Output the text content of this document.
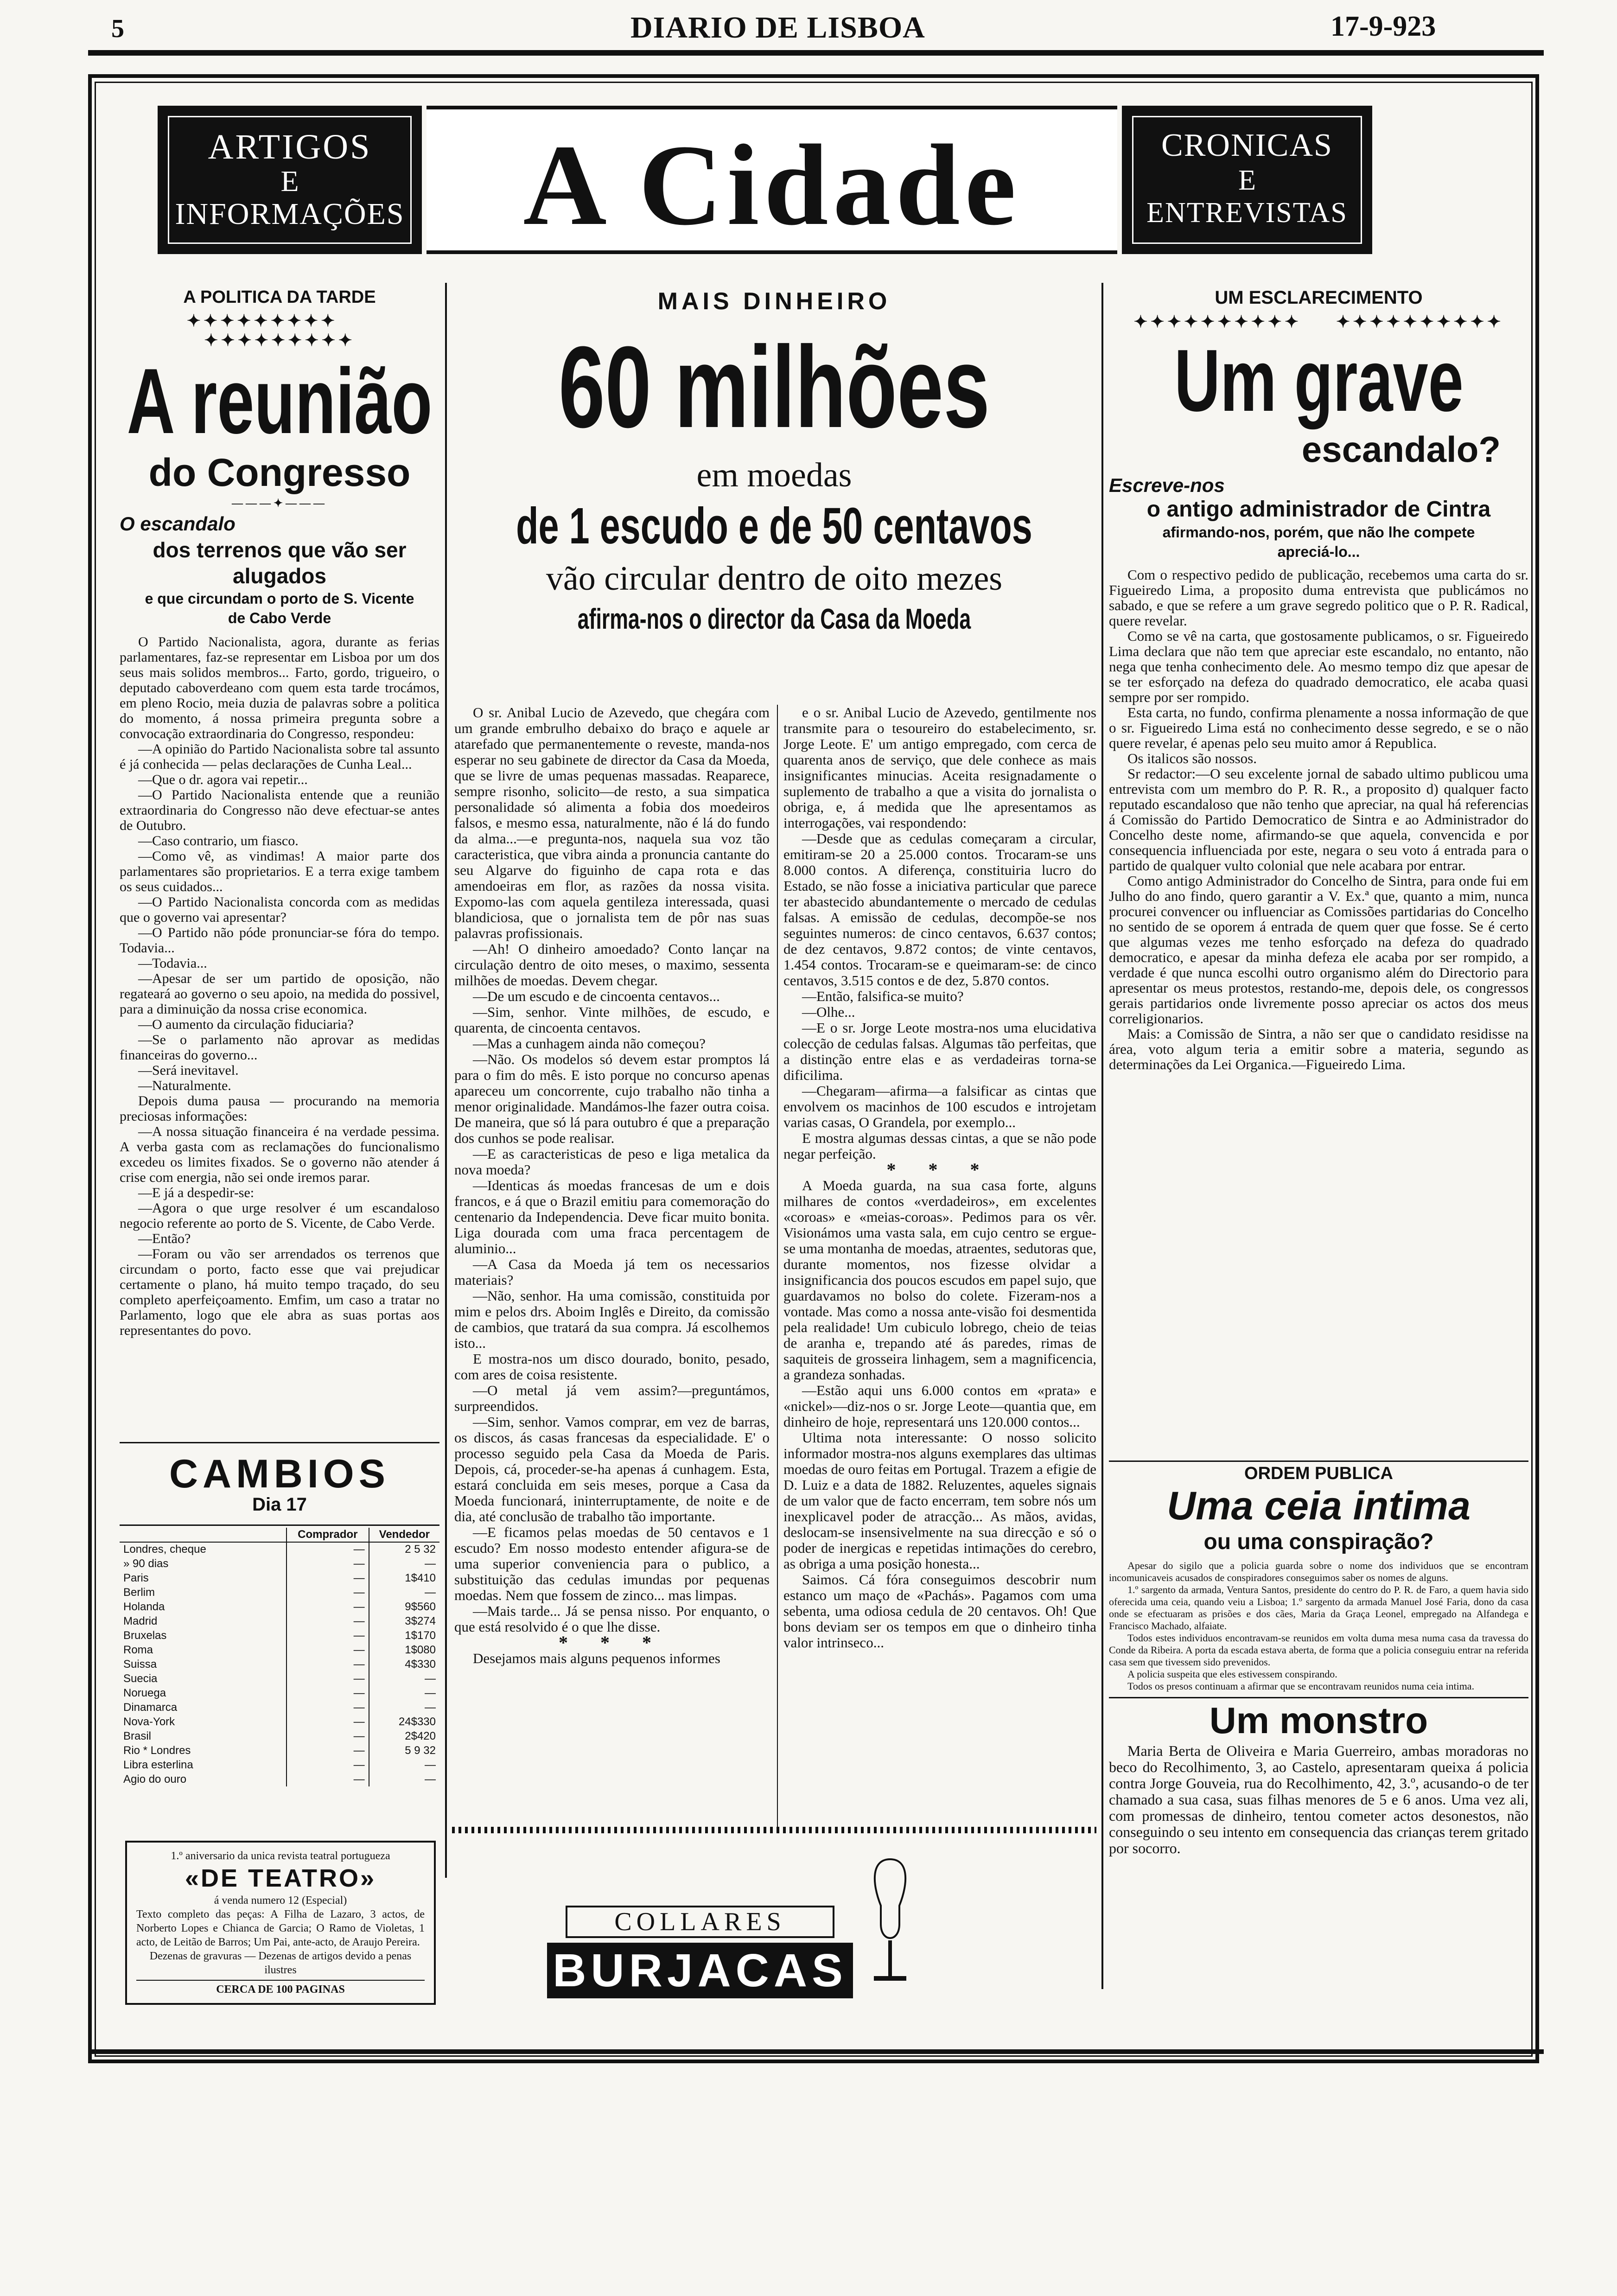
5	DIARIO DE LISBOA	17-9-923
ARTIGOS
E
INFORMAÇÕES	A Cidade	CRONICAS
E
ENTREVISTAS
A POLITICA DA TARDE
✦✦✦✦✦✦✦✦✦      ✦✦✦✦✦✦✦✦✦
A reunião
do Congresso
———✦———
O escandalo
dos terrenos que vão ser alugados
e que circundam o porto de S. Vicente
de Cabo Verde

O Partido Nacionalista, agora, durante as ferias parlamentares, faz-se representar em Lisboa por um dos seus mais solidos membros... Farto, gordo, trigueiro, o deputado caboverdeano com quem esta tarde trocámos, em pleno Rocio, meia duzia de palavras sobre a politica do momento, á nossa primeira pregunta sobre a convocação extraordinaria do Congresso, respondeu:

—A opinião do Partido Nacionalista sobre tal assunto é já conhecida — pelas declarações de Cunha Leal...

—Que o dr. agora vai repetir...

—O Partido Nacionalista entende que a reunião extraordinaria do Congresso não deve efectuar-se antes de Outubro.

—Caso contrario, um fiasco.

—Como vê, as vindimas! A maior parte dos parlamentares são proprietarios. E a terra exige tambem os seus cuidados...

—O Partido Nacionalista concorda com as medidas que o governo vai apresentar?

—O Partido não póde pronunciar-se fóra do tempo. Todavia...

—Todavia...

—Apesar de ser um partido de oposição, não regateará ao governo o seu apoio, na medida do possivel, para a diminuição da nossa crise economica.

—O aumento da circulação fiduciaria?

—Se o parlamento não aprovar as medidas financeiras do governo...

—Será inevitavel.

—Naturalmente.

Depois duma pausa — procurando na memoria preciosas informações:

—A nossa situação financeira é na verdade pessima. A verba gasta com as reclamações do funcionalismo excedeu os limites fixados. Se o governo não atender á crise com energia, não sei onde iremos parar.

—E já a despedir-se:

—Agora o que urge resolver é um escandaloso negocio referente ao porto de S. Vicente, de Cabo Verde.

—Então?

—Foram ou vão ser arrendados os terrenos que circundam o porto, facto esse que vai prejudicar certamente o plano, há muito tempo traçado, do seu completo aperfeiçoamento. Emfim, um caso a tratar no Parlamento, logo que ele abra as suas portas aos representantes do povo.

CAMBIOS
Dia 17
	Comprador	Vendedor
Londres, cheque	—	2 5 32
» 90 dias	—	—
Paris	—	1$410
Berlim	—	—
Holanda	—	9$560
Madrid	—	3$274
Bruxelas	—	1$170
Roma	—	1$080
Suissa	—	4$330
Suecia	—	—
Noruega	—	—
Dinamarca	—	—
Nova-York	—	24$330
Brasil	—	2$420
Rio * Londres	—	5 9 32
Libra esterlina	—	—
Agio do ouro	—	—
1.º aniversario da unica revista teatral portugueza
«DE TEATRO»
á venda numero 12 (Especial)
Texto completo das peças: A Filha de Lazaro, 3 actos, de Norberto Lopes e Chianca de Garcia; O Ramo de Violetas, 1 acto, de Leitão de Barros; Um Pai, ante-acto, de Araujo Pereira.
Dezenas de gravuras — Dezenas de artigos devido a penas ilustres
CERCA DE 100 PAGINAS
MAIS DINHEIRO
60 milhões
em moedas
de 1 escudo e de 50 centavos
vão circular dentro de oito mezes
afirma-nos o director da Casa da Moeda

O sr. Anibal Lucio de Azevedo, que chegára com um grande embrulho debaixo do braço e aquele ar atarefado que permanentemente o reveste, manda-nos esperar no seu gabinete de director da Casa da Moeda, que se livre de umas pequenas massadas. Reaparece, sempre risonho, solicito—de resto, a sua simpatica personalidade só alimenta a fobia dos moedeiros falsos, e mesmo essa, naturalmente, não é lá do fundo da alma...—e pregunta-nos, naquela sua voz tão caracteristica, que vibra ainda a pronuncia cantante do seu Algarve do figuinho de capa rota e das amendoeiras em flor, as razões da nossa visita. Expomo-las com aquela gentileza interessada, quasi blandiciosa, que o jornalista tem de pôr nas suas palavras profissionais.

—Ah! O dinheiro amoedado? Conto lançar na circulação dentro de oito meses, o maximo, sessenta milhões de moedas. Devem chegar.

—De um escudo e de cincoenta centavos...

—Sim, senhor. Vinte milhões, de escudo, e quarenta, de cincoenta centavos.

—Mas a cunhagem ainda não começou?

—Não. Os modelos só devem estar promptos lá para o fim do mês. E isto porque no concurso apenas apareceu um concorrente, cujo trabalho não tinha a menor originalidade. Mandámos-lhe fazer outra coisa. De maneira, que só lá para outubro é que a preparação dos cunhos se pode realisar.

—E as caracteristicas de peso e liga metalica da nova moeda?

—Identicas ás moedas francesas de um e dois francos, e á que o Brazil emitiu para comemoração do centenario da Independencia. Deve ficar muito bonita. Liga dourada com uma fraca percentagem de aluminio...

—A Casa da Moeda já tem os necessarios materiais?

—Não, senhor. Ha uma comissão, constituida por mim e pelos drs. Aboim Inglês e Direito, da comissão de cambios, que tratará da sua compra. Já escolhemos isto...

E mostra-nos um disco dourado, bonito, pesado, com ares de coisa resistente.

—O metal já vem assim?—preguntámos, surpreendidos.

—Sim, senhor. Vamos comprar, em vez de barras, os discos, ás casas francesas da especialidade. E' o processo seguido pela Casa da Moeda de Paris. Depois, cá, proceder-se-ha apenas á cunhagem. Esta, estará concluida em seis meses, porque a Casa da Moeda funcionará, ininterruptamente, de noite e de dia, até conclusão de trabalho tão importante.

—E ficamos pelas moedas de 50 centavos e 1 escudo? Em nosso modesto entender afigura-se de uma superior conveniencia para o publico, a substituição das cedulas imundas por pequenas moedas. Nem que fossem de zinco... mas limpas.

—Mais tarde... Já se pensa nisso. Por enquanto, o que está resolvido é o que lhe disse.

* * *

Desejamos mais alguns pequenos informes

e o sr. Anibal Lucio de Azevedo, gentilmente nos transmite para o tesoureiro do estabelecimento, sr. Jorge Leote. E' um antigo empregado, com cerca de quarenta anos de serviço, que dele conhece as mais insignificantes minucias. Aceita resignadamente o suplemento de trabalho a que a visita do jornalista o obriga, e, á medida que lhe apresentamos as interrogações, vai respondendo:

—Desde que as cedulas começaram a circular, emitiram-se 20 a 25.000 contos. Trocaram-se uns 8.000 contos. A diferença, constituiria lucro do Estado, se não fosse a iniciativa particular que parece ter abastecido abundantemente o mercado de cedulas falsas. A emissão de cedulas, decompõe-se nos seguintes numeros: de cinco centavos, 6.637 contos; de dez centavos, 9.872 contos; de vinte centavos, 1.454 contos. Trocaram-se e queimaram-se: de cinco centavos, 3.515 contos e de dez, 5.870 contos.

—Então, falsifica-se muito?

—Olhe...

—E o sr. Jorge Leote mostra-nos uma elucidativa colecção de cedulas falsas. Algumas tão perfeitas, que a distinção entre elas e as verdadeiras torna-se dificilima.

—Chegaram—afirma—a falsificar as cintas que envolvem os macinhos de 100 escudos e introjetam varias casas, O Grandela, por exemplo...

E mostra algumas dessas cintas, a que se não pode negar perfeição.

* * *

A Moeda guarda, na sua casa forte, alguns milhares de contos «verdadeiros», em excelentes «coroas» e «meias-coroas». Pedimos para os vêr. Visionámos uma vasta sala, em cujo centro se ergue-se uma montanha de moedas, atraentes, sedutoras que, durante momentos, nos fizesse olvidar a insignificancia dos poucos escudos em papel sujo, que guardavamos no bolso do colete. Fizeram-nos a vontade. Mas como a nossa ante-visão foi desmentida pela realidade! Um cubiculo lobrego, cheio de teias de aranha e, trepando até ás paredes, rimas de saquiteis de grosseira linhagem, sem a magnificencia, a grandeza sonhadas.

—Estão aqui uns 6.000 contos em «prata» e «nickel»—diz-nos o sr. Jorge Leote—quantia que, em dinheiro de hoje, representará uns 120.000 contos...

Ultima nota interessante: O nosso solicito informador mostra-nos alguns exemplares das ultimas moedas de ouro feitas em Portugal. Trazem a efigie de D. Luiz e a data de 1882. Reluzentes, aqueles signais de um valor que de facto encerram, tem sobre nós um inexplicavel poder de atracção... As mãos, avidas, deslocam-se insensivelmente na sua direcção e só o poder de inergicas e repetidas intimações do cerebro, as obriga a uma posição honesta...

Saimos. Cá fóra conseguimos descobrir num estanco um maço de «Pachás». Pagamos com uma sebenta, uma odiosa cedula de 20 centavos. Oh! Que bons deviam ser os tempos em que o dinheiro tinha valor intrinseco...

COLLARES
BURJACAS
UM ESCLARECIMENTO
✦✦✦✦✦✦✦✦✦✦     ✦✦✦✦✦✦✦✦✦✦
Um grave
escandalo?
Escreve-nos
o antigo administrador de Cintra
afirmando-nos, porém, que não lhe compete
apreciá-lo...

Com o respectivo pedido de publicação, recebemos uma carta do sr. Figueiredo Lima, a proposito duma entrevista que publicámos no sabado, e que se refere a um grave segredo politico que o P. R. Radical, quere revelar.

Como se vê na carta, que gostosamente publicamos, o sr. Figueiredo Lima declara que não tem que apreciar este escandalo, no entanto, não nega que tenha conhecimento dele. Ao mesmo tempo diz que apesar de se ter esforçado na defeza do quadrado democratico, ele acaba quasi sempre por ser rompido.

Esta carta, no fundo, confirma plenamente a nossa informação de que o sr. Figueiredo Lima está no conhecimento desse segredo, e se o não quere revelar, é apenas pelo seu muito amor á Republica.

Os italicos são nossos.

Sr redactor:—O seu excelente jornal de sabado ultimo publicou uma entrevista com um membro do P. R. R., a proposito d) qualquer facto reputado escandaloso que não tenho que apreciar, na qual há referencias á Comissão do Partido Democratico de Sintra e ao Administrador do Concelho deste nome, afirmando-se que aquela, convencida e por consequencia influenciada por este, negara o seu voto á entrada para o partido de qualquer vulto colonial que nele acabara por entrar.

Como antigo Administrador do Concelho de Sintra, para onde fui em Julho do ano findo, quero garantir a V. Ex.ª que, quanto a mim, nunca procurei convencer ou influenciar as Comissões partidarias do Concelho no sentido de se oporem á entrada de quem quer que fosse. Se é certo que algumas vezes me tenho esforçado na defeza do quadrado democratico, e apesar da minha defeza ele acaba por ser rompido, a verdade é que nunca escolhi outro organismo além do Directorio para apresentar os meus protestos, restando-me, depois dele, os congressos gerais partidarios onde livremente posso apreciar os actos dos meus correligionarios.

Mais: a Comissão de Sintra, a não ser que o candidato residisse na área, voto algum teria a emitir sobre a materia, segundo as determinações da Lei Organica.—Figueiredo Lima.

ORDEM PUBLICA
Uma ceia intima
ou uma conspiração?

Apesar do sigilo que a policia guarda sobre o nome dos individuos que se encontram incomunicaveis acusados de conspiradores conseguimos saber os nomes de alguns.

1.º sargento da armada, Ventura Santos, presidente do centro do P. R. de Faro, a quem havia sido oferecida uma ceia, quando veiu a Lisboa; 1.º sargento da armada Manuel José Faria, dono da casa onde se efectuaram as prisões e dos cães, Maria da Graça Leonel, empregado na Alfandega e Francisco Machado, alfaiate.

Todos estes individuos encontravam-se reunidos em volta duma mesa numa casa da travessa do Conde da Ribeira. A porta da escada estava aberta, de forma que a policia conseguiu entrar na referida casa sem que tivessem sido prevenidos.

A policia suspeita que eles estivessem conspirando.

Todos os presos continuam a afirmar que se encontravam reunidos numa ceia intima.

Um monstro

Maria Berta de Oliveira e Maria Guerreiro, ambas moradoras no beco do Recolhimento, 3, ao Castelo, apresentaram queixa á policia contra Jorge Gouveia, rua do Recolhimento, 42, 3.º, acusando-o de ter chamado a sua casa, suas filhas menores de 5 e 6 anos. Uma vez ali, com promessas de dinheiro, tentou cometer actos desonestos, não conseguindo o seu intento em consequencia das crianças terem gritado por socorro.
